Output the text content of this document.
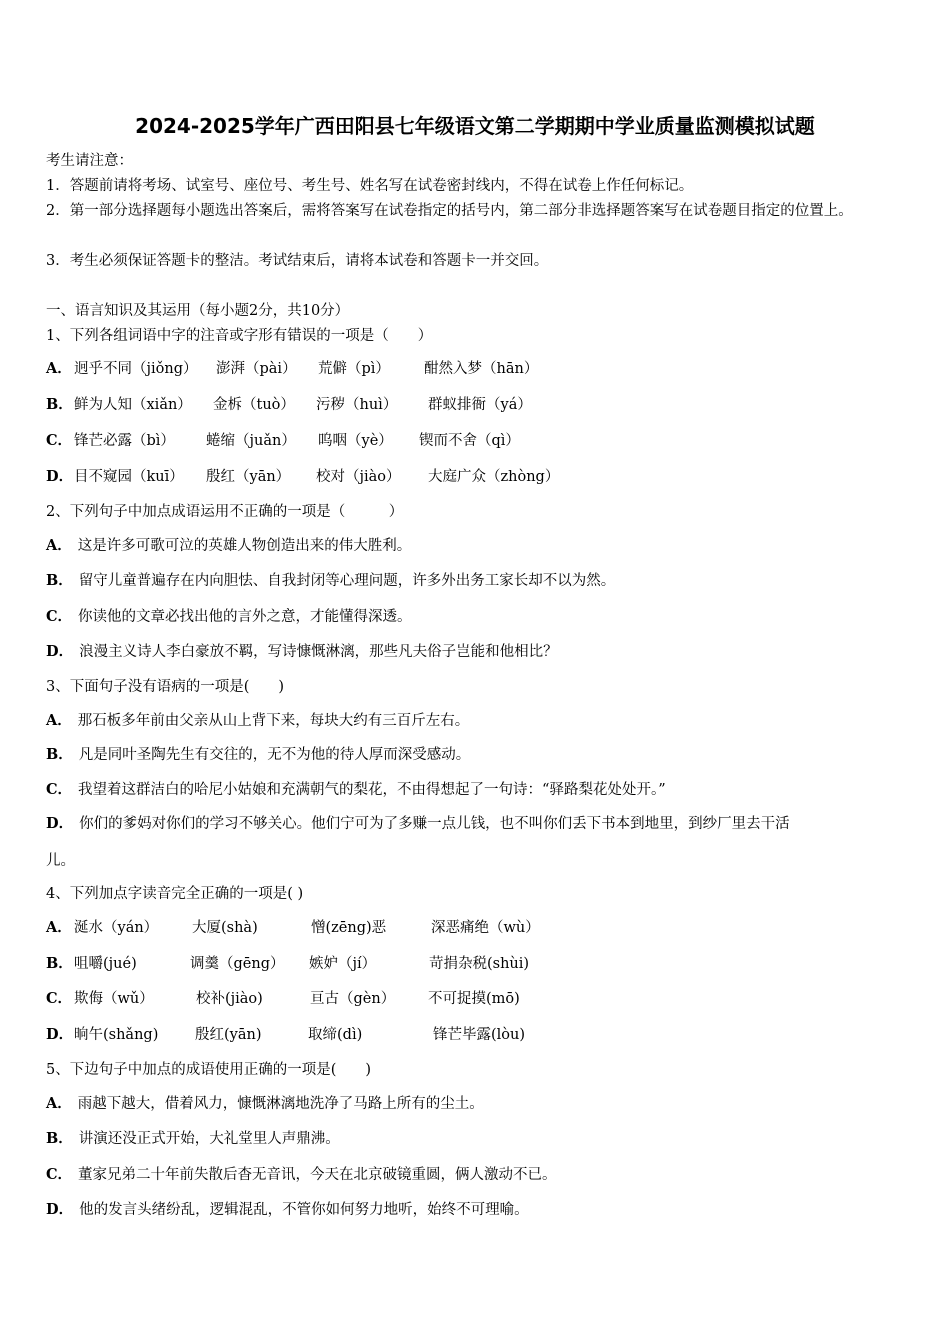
2024-2025学年广西田阳县七年级语文第二学期期中学业质量监测模拟试题
考生请注意：
1．答题前请将考场、试室号、座位号、考生号、姓名写在试卷密封线内，不得在试卷上作任何标记。
2．第一部分选择题每小题选出答案后，需将答案写在试卷指定的括号内，第二部分非选择题答案写在试卷题目指定的位置上。
3．考生必须保证答题卡的整洁。考试结束后，请将本试卷和答题卡一并交回。
一、语言知识及其运用（每小题2分，共10分）
1、下列各组词语中字的注音或字形有错误的一项是（　　）
A． 迥乎不同（jiǒng） 澎湃（pài） 荒僻（pì） 酣然入梦（hān）
B． 鲜为人知（xiǎn） 金柝（tuò） 污秽（huì） 群蚁排衙（yá）
C． 锋芒必露（bì） 蜷缩（juǎn） 呜咽（yè） 锲而不舍（qì）
D． 目不窥园（kuī） 殷红（yān） 校对（jiào） 大庭广众（zhòng）
2、下列句子中加点成语运用不正确的一项是（　　　）
A． 这是许多可歌可泣的英雄人物创造出来的伟大胜利。
B． 留守儿童普遍存在内向胆怯、自我封闭等心理问题，许多外出务工家长却不以为然。
C． 你读他的文章必找出他的言外之意，才能懂得深透。
D． 浪漫主义诗人李白豪放不羁，写诗慷慨淋漓，那些凡夫俗子岂能和他相比？
3、下面句子没有语病的一项是(　　)
A． 那石板多年前由父亲从山上背下来，每块大约有三百斤左右。
B． 凡是同叶圣陶先生有交往的，无不为他的待人厚而深受感动。
C． 我望着这群洁白的哈尼小姑娘和充满朝气的梨花，不由得想起了一句诗：“驿路梨花处处开。”
D． 你们的爹妈对你们的学习不够关心。他们宁可为了多赚一点儿钱，也不叫你们丢下书本到地里，到纱厂里去干活
儿。
4、下列加点字读音完全正确的一项是( )
A． 涎水（yán） 大厦(shà)	憎(zēng)恶	深恶痛绝（wù）
B． 咀嚼(jué)	调羹（gēng） 嫉妒（jí）	苛捐杂税(shùi)
C． 欺侮（wǔ）	校补(jiào)	亘古（gèn） 不可捉摸(mō)
D． 晌午(shǎng)	殷红(yān)	取缔(dì)	锋芒毕露(lòu)
5、下边句子中加点的成语使用正确的一项是(　　)
A． 雨越下越大，借着风力，慷慨淋漓地洗净了马路上所有的尘土。
B． 讲演还没正式开始，大礼堂里人声鼎沸。
C． 董家兄弟二十年前失散后杳无音讯，今天在北京破镜重圆，俩人激动不已。
D． 他的发言头绪纷乱，逻辑混乱，不管你如何努力地听，始终不可理喻。
